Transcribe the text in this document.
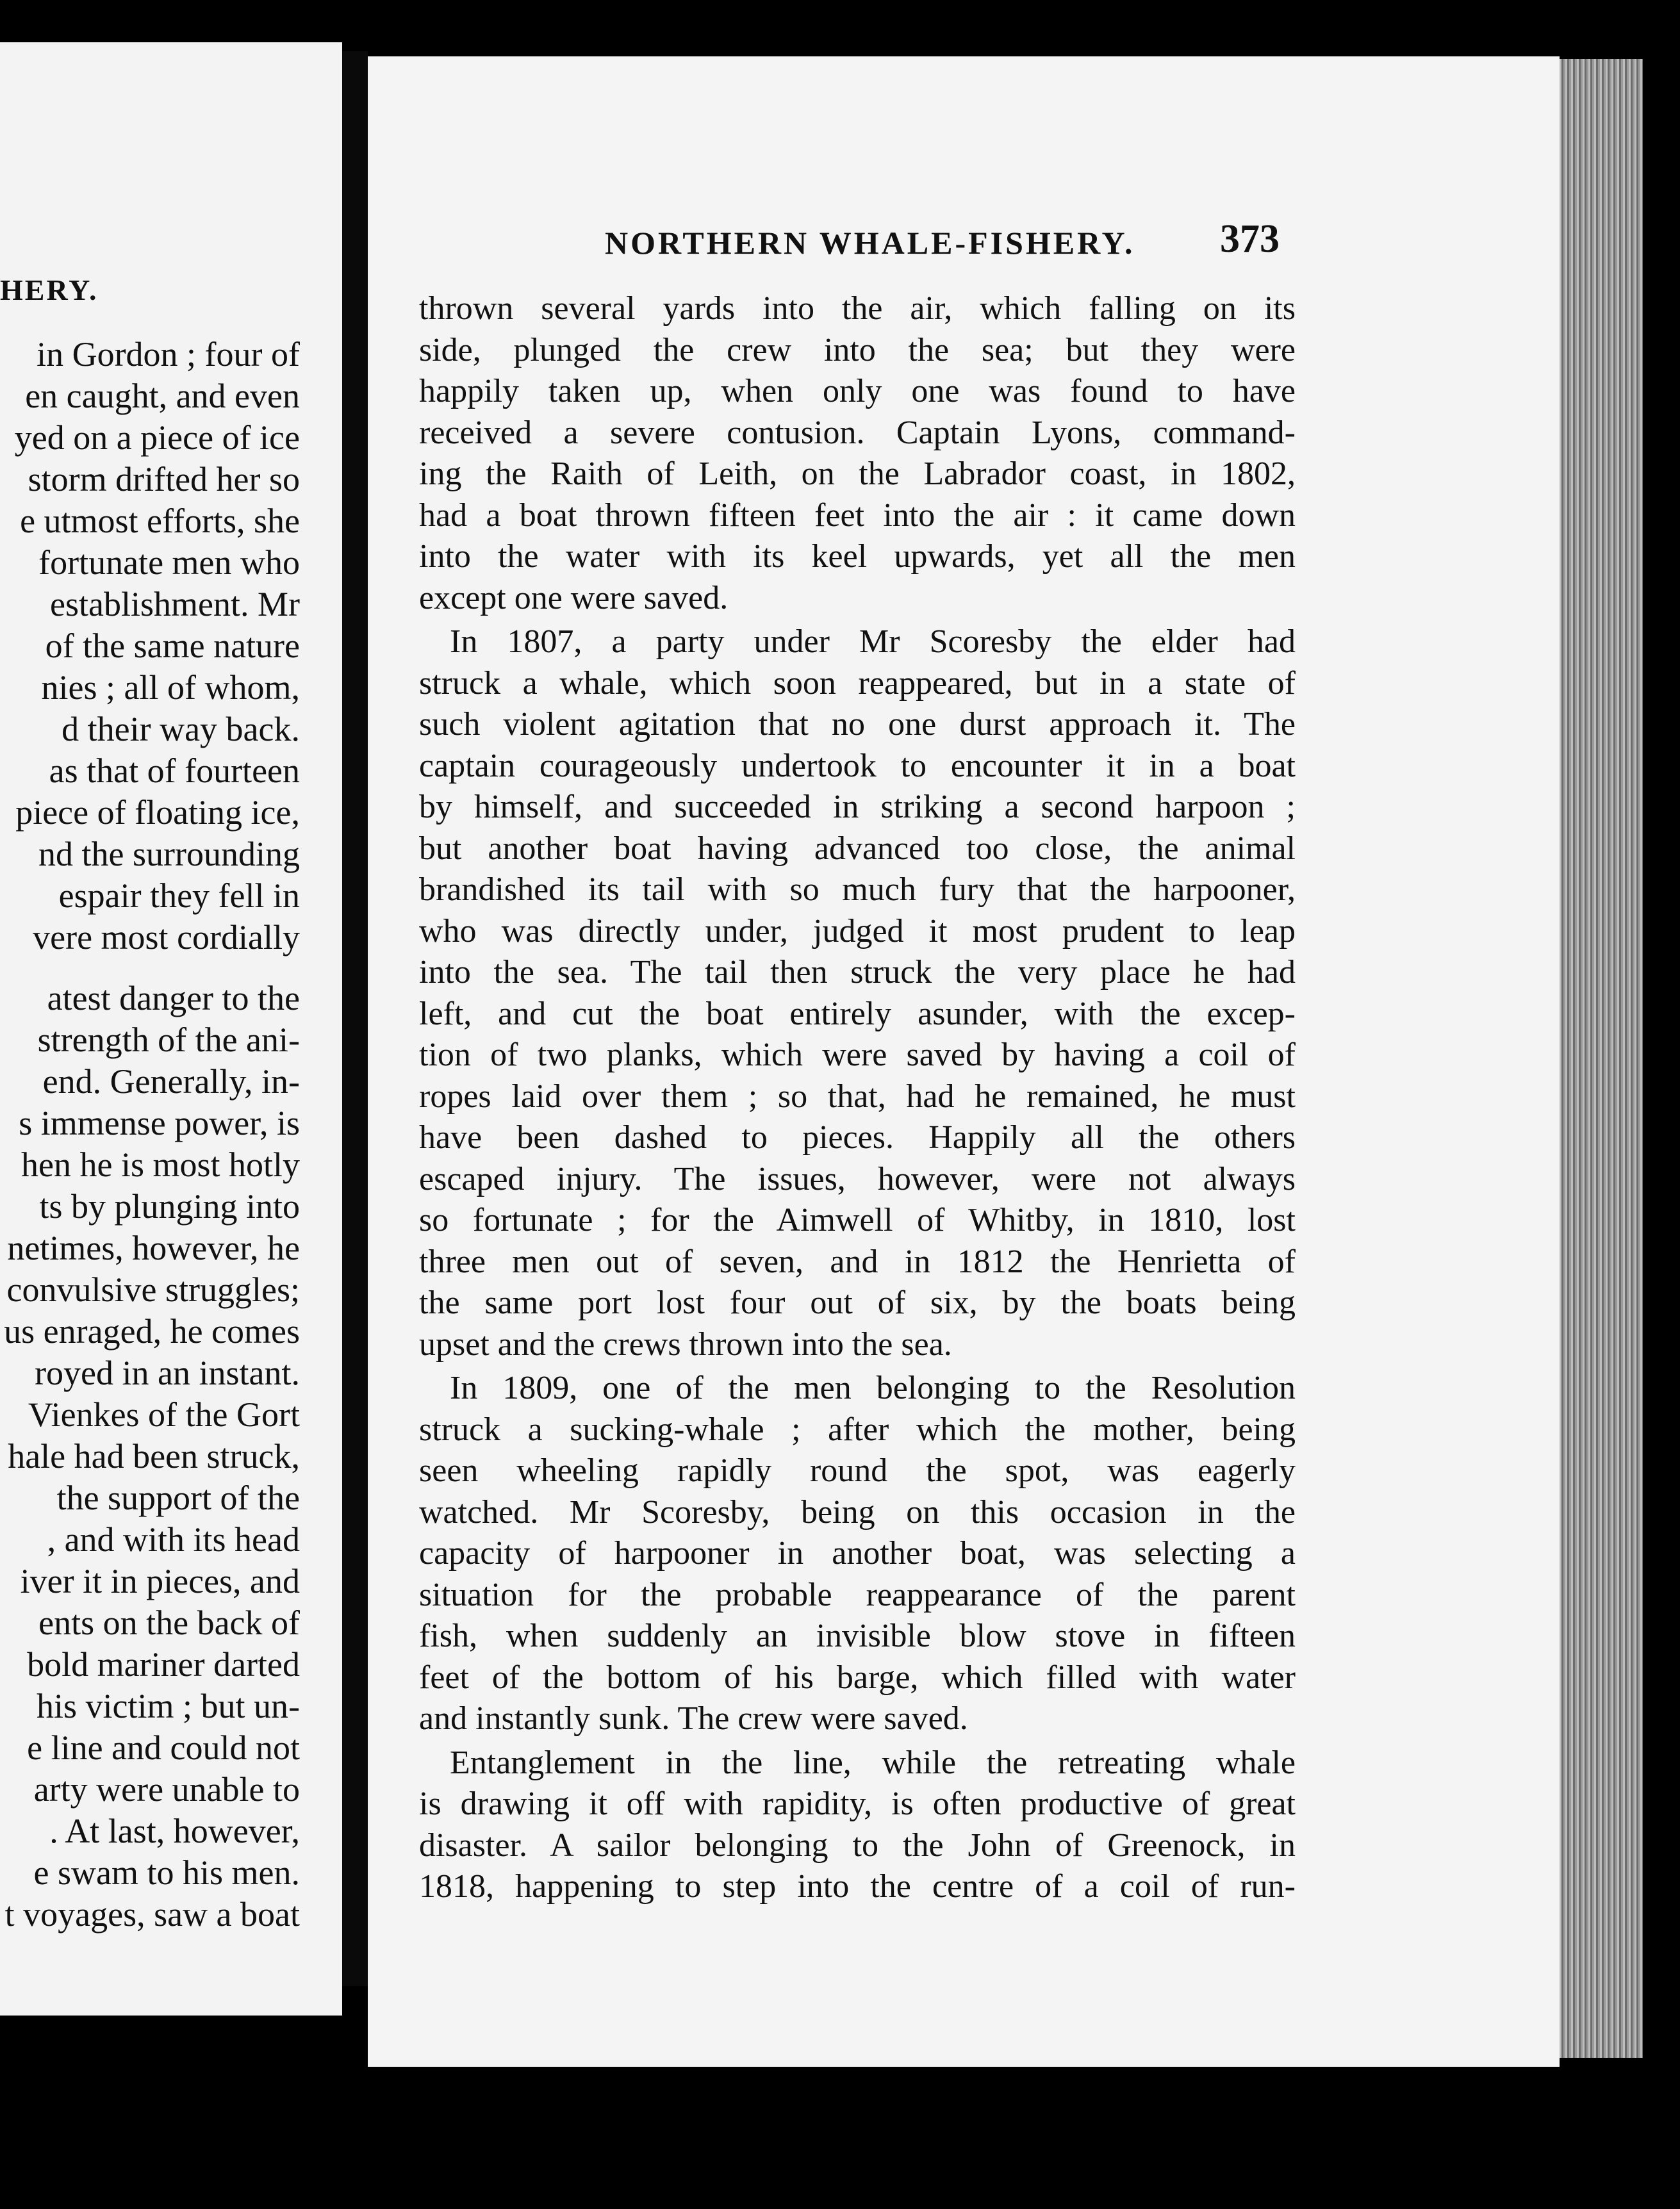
HERY.
in Gordon ; four of
en caught, and even
yed on a piece of ice
storm drifted her so
e utmost efforts, she
fortunate men who
establishment. Mr
of the same nature
nies ; all of whom,
d their way back.
as that of fourteen
piece of floating ice,
nd the surrounding
espair they fell in
vere most cordially
atest danger to the
strength of the ani-
end. Generally, in-
s immense power, is
hen he is most hotly
ts by plunging into
netimes, however, he
convulsive struggles;
us enraged, he comes
royed in an instant.
Vienkes of the Gort
hale had been struck,
the support of the
, and with its head
iver it in pieces, and
ents on the back of
bold mariner darted
his victim ; but un-
e line and could not
arty were unable to
. At last, however,
e swam to his men.
t voyages, saw a boat
NORTHERN WHALE-FISHERY.	373
thrown several yards into the air, which falling on its
side, plunged the crew into the sea; but they were
happily taken up, when only one was found to have
received a severe contusion. Captain Lyons, command-
ing the Raith of Leith, on the Labrador coast, in 1802,
had a boat thrown fifteen feet into the air : it came down
into the water with its keel upwards, yet all the men
except one were saved.
In 1807, a party under Mr Scoresby the elder had
struck a whale, which soon reappeared, but in a state of
such violent agitation that no one durst approach it. The
captain courageously undertook to encounter it in a boat
by himself, and succeeded in striking a second harpoon ;
but another boat having advanced too close, the animal
brandished its tail with so much fury that the harpooner,
who was directly under, judged it most prudent to leap
into the sea. The tail then struck the very place he had
left, and cut the boat entirely asunder, with the excep-
tion of two planks, which were saved by having a coil of
ropes laid over them ; so that, had he remained, he must
have been dashed to pieces. Happily all the others
escaped injury. The issues, however, were not always
so fortunate ; for the Aimwell of Whitby, in 1810, lost
three men out of seven, and in 1812 the Henrietta of
the same port lost four out of six, by the boats being
upset and the crews thrown into the sea.
In 1809, one of the men belonging to the Resolution
struck a sucking-whale ; after which the mother, being
seen wheeling rapidly round the spot, was eagerly
watched. Mr Scoresby, being on this occasion in the
capacity of harpooner in another boat, was selecting a
situation for the probable reappearance of the parent
fish, when suddenly an invisible blow stove in fifteen
feet of the bottom of his barge, which filled with water
and instantly sunk. The crew were saved.
Entanglement in the line, while the retreating whale
is drawing it off with rapidity, is often productive of great
disaster. A sailor belonging to the John of Greenock, in
1818, happening to step into the centre of a coil of run-
